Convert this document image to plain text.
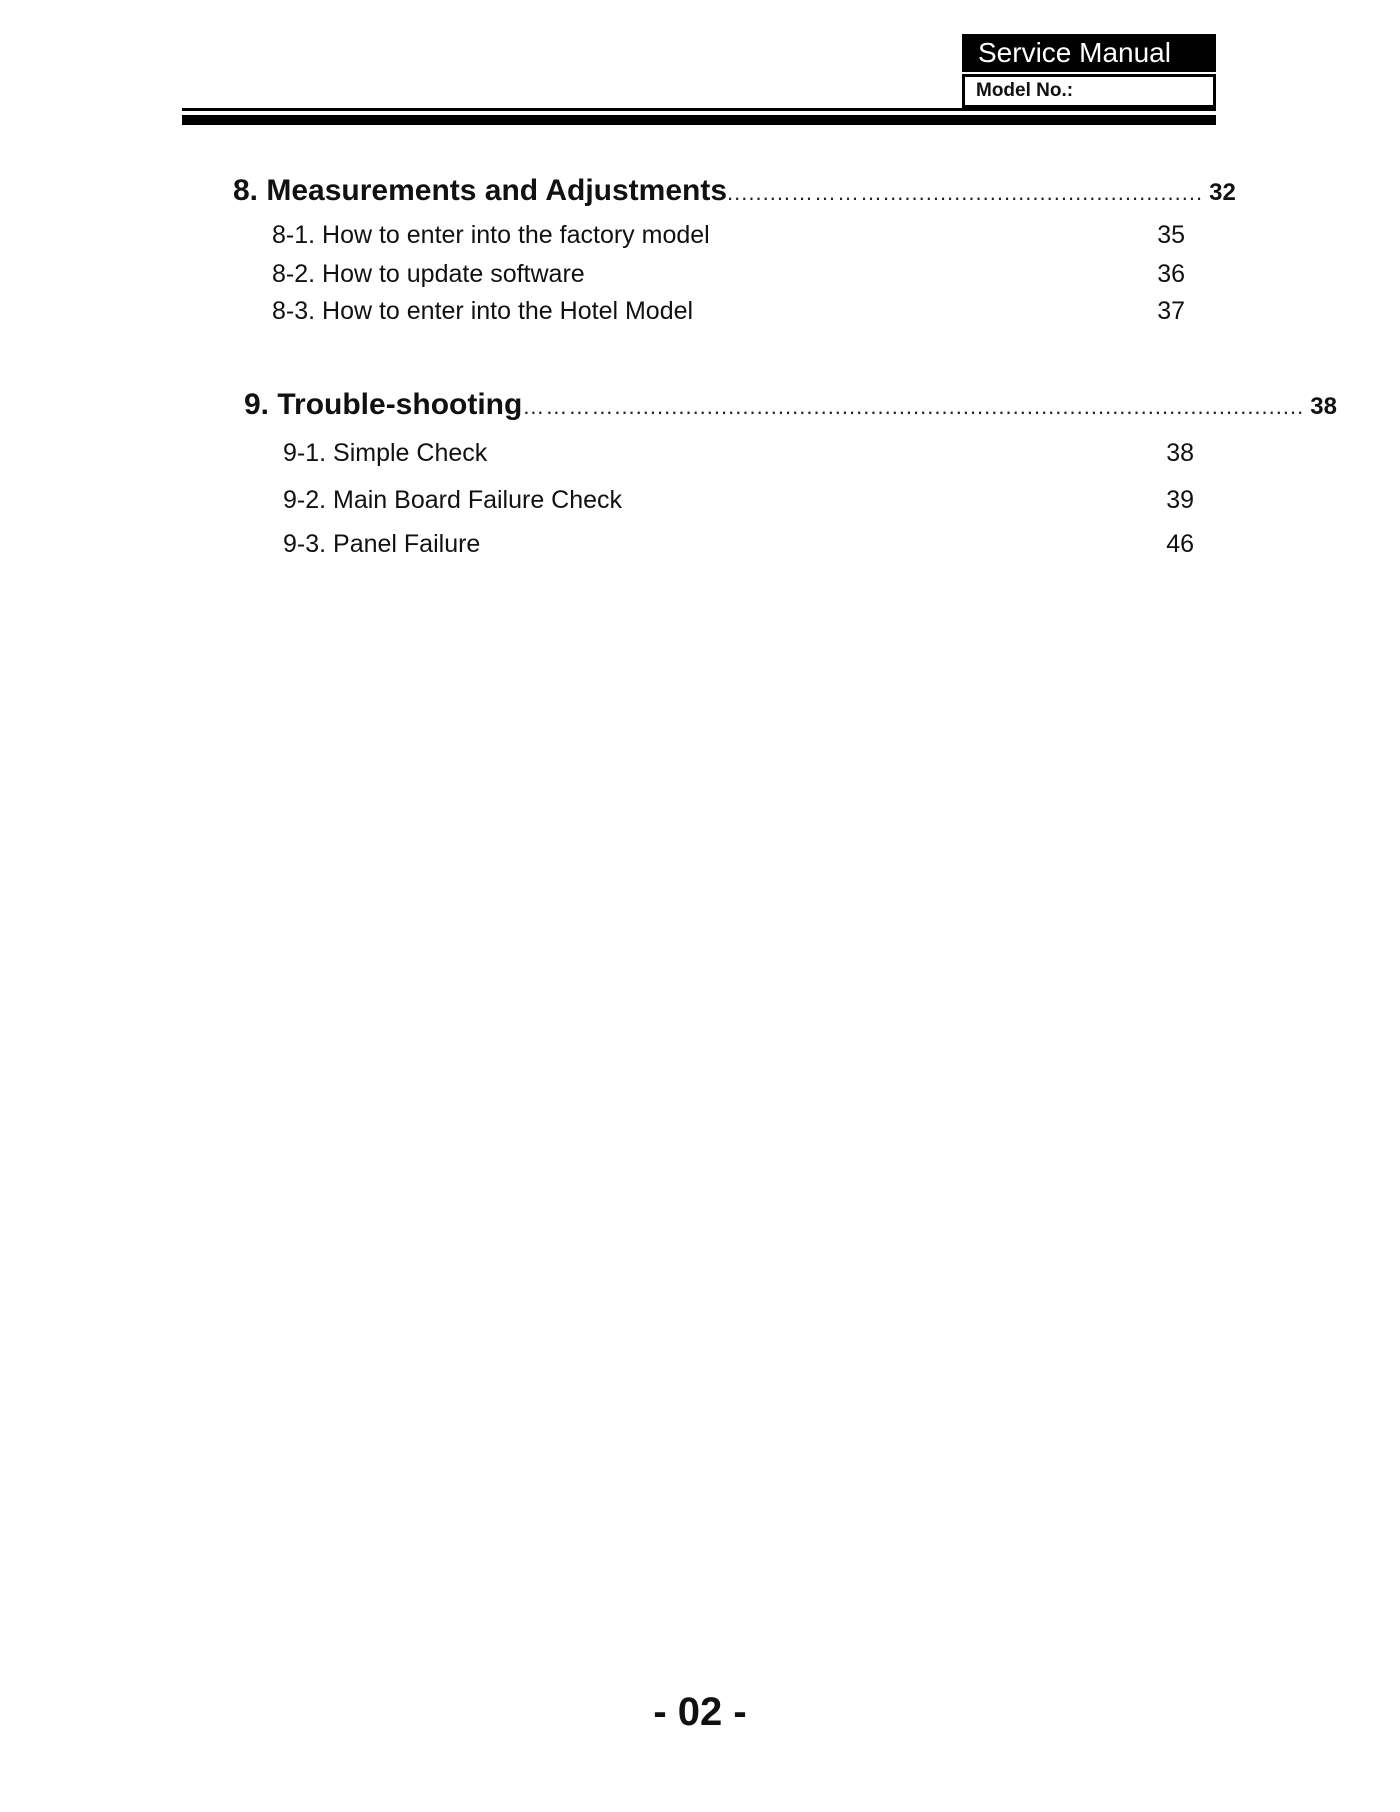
Service Manual
Model No.:
8. Measurements and Adjustments .........…………............................................. 32
8-1. How to enter into the factory model	35
8-2. How to update software	36
8-3. How to enter into the Hotel Model	37
9. Trouble-shooting …………................................................................................................. 38
9-1. Simple Check	38
9-2. Main Board Failure Check	39
9-3. Panel Failure	46
- 02 -
